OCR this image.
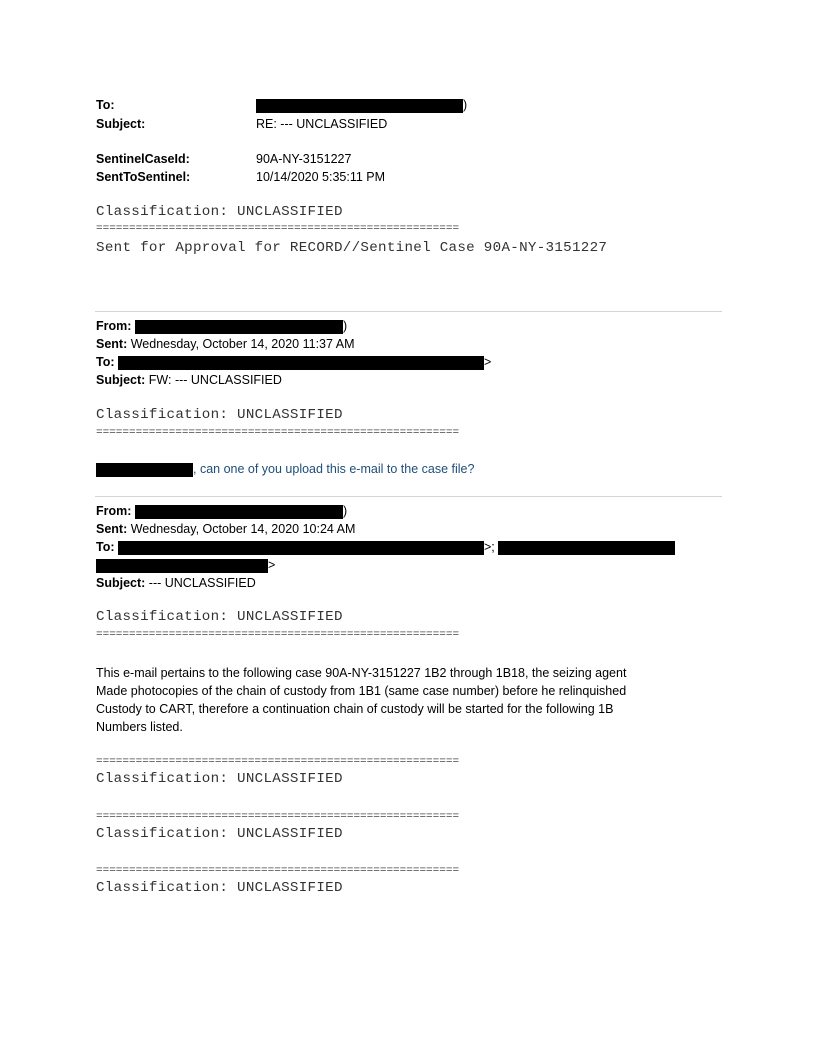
To:	)
Subject:	RE: --- UNCLASSIFIED
SentinelCaseId:	90A-NY-3151227
SentToSentinel:	10/14/2020 5:35:11 PM
Classification: UNCLASSIFIED
=======================================================
Sent for Approval for RECORD//Sentinel Case 90A-NY-3151227
From:	)
Sent: Wednesday, October 14, 2020 11:37 AM
To:	>
Subject: FW: --- UNCLASSIFIED
Classification: UNCLASSIFIED
=======================================================
, can one of you upload this e-mail to the case file?
From:	)
Sent: Wednesday, October 14, 2020 10:24 AM
To:	>;
>
Subject: --- UNCLASSIFIED
Classification: UNCLASSIFIED
=======================================================
This e-mail pertains to the following case 90A-NY-3151227 1B2 through 1B18, the seizing agent
Made photocopies of the chain of custody from 1B1 (same case number) before he relinquished
Custody to CART, therefore a continuation chain of custody will be started for the following 1B
Numbers listed.
=======================================================
Classification: UNCLASSIFIED
=======================================================
Classification: UNCLASSIFIED
=======================================================
Classification: UNCLASSIFIED
